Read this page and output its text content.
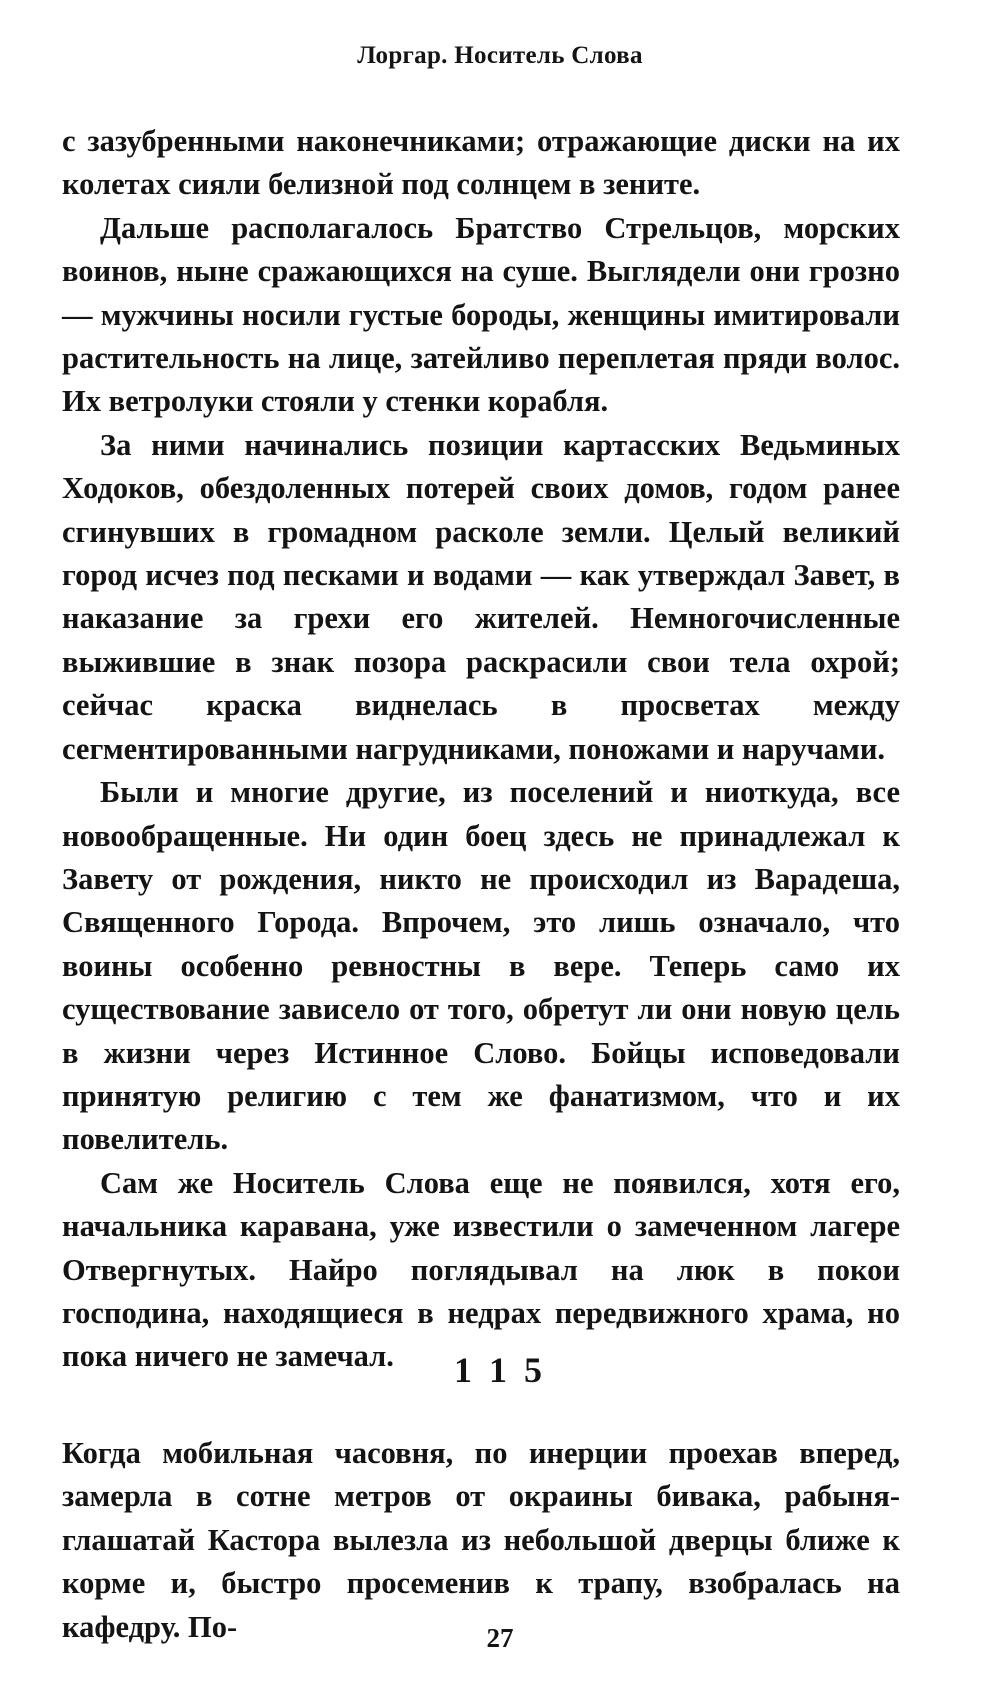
Лоргар. Носитель Слова

с зазубренными наконечниками; отражающие диски на их колетах сияли белизной под солнцем в зените.

Дальше располагалось Братство Стрельцов, морских воинов, ныне сражающихся на суше. Выглядели они грозно — мужчины носили густые бороды, женщины имитировали растительность на лице, затейливо переплетая пряди волос. Их ветролуки стояли у стенки корабля.

За ними начинались позиции картасских Ведьминых Ходоков, обездоленных потерей своих домов, годом ранее сгинувших в громадном расколе земли. Целый великий город исчез под песками и водами — как утверждал Завет, в наказание за грехи его жителей. Немногочисленные выжившие в знак позора раскрасили свои тела охрой; сейчас краска виднелась в просветах между сегментированными нагрудниками, поножами и наручами.

Были и многие другие, из поселений и ниоткуда, все новообращенные. Ни один боец здесь не принадлежал к Завету от рождения, никто не происходил из Варадеша, Священного Города. Впрочем, это лишь означало, что воины особенно ревностны в вере. Теперь само их существование зависело от того, обретут ли они новую цель в жизни через Истинное Слово. Бойцы исповедовали принятую религию с тем же фанатизмом, что и их повелитель.

Сам же Носитель Слова еще не появился, хотя его, начальника каравана, уже известили о замеченном лагере Отвергнутых. Найро поглядывал на люк в покои господина, находящиеся в недрах передвижного храма, но пока ничего не замечал.	1 1 5

Когда мобильная часовня, по инерции проехав вперед, замерла в сотне метров от окраины бивака, рабыня-глашатай Кастора вылезла из небольшой дверцы ближе к корме и, быстро просеменив к трапу, взобралась на кафедру. По-	27
